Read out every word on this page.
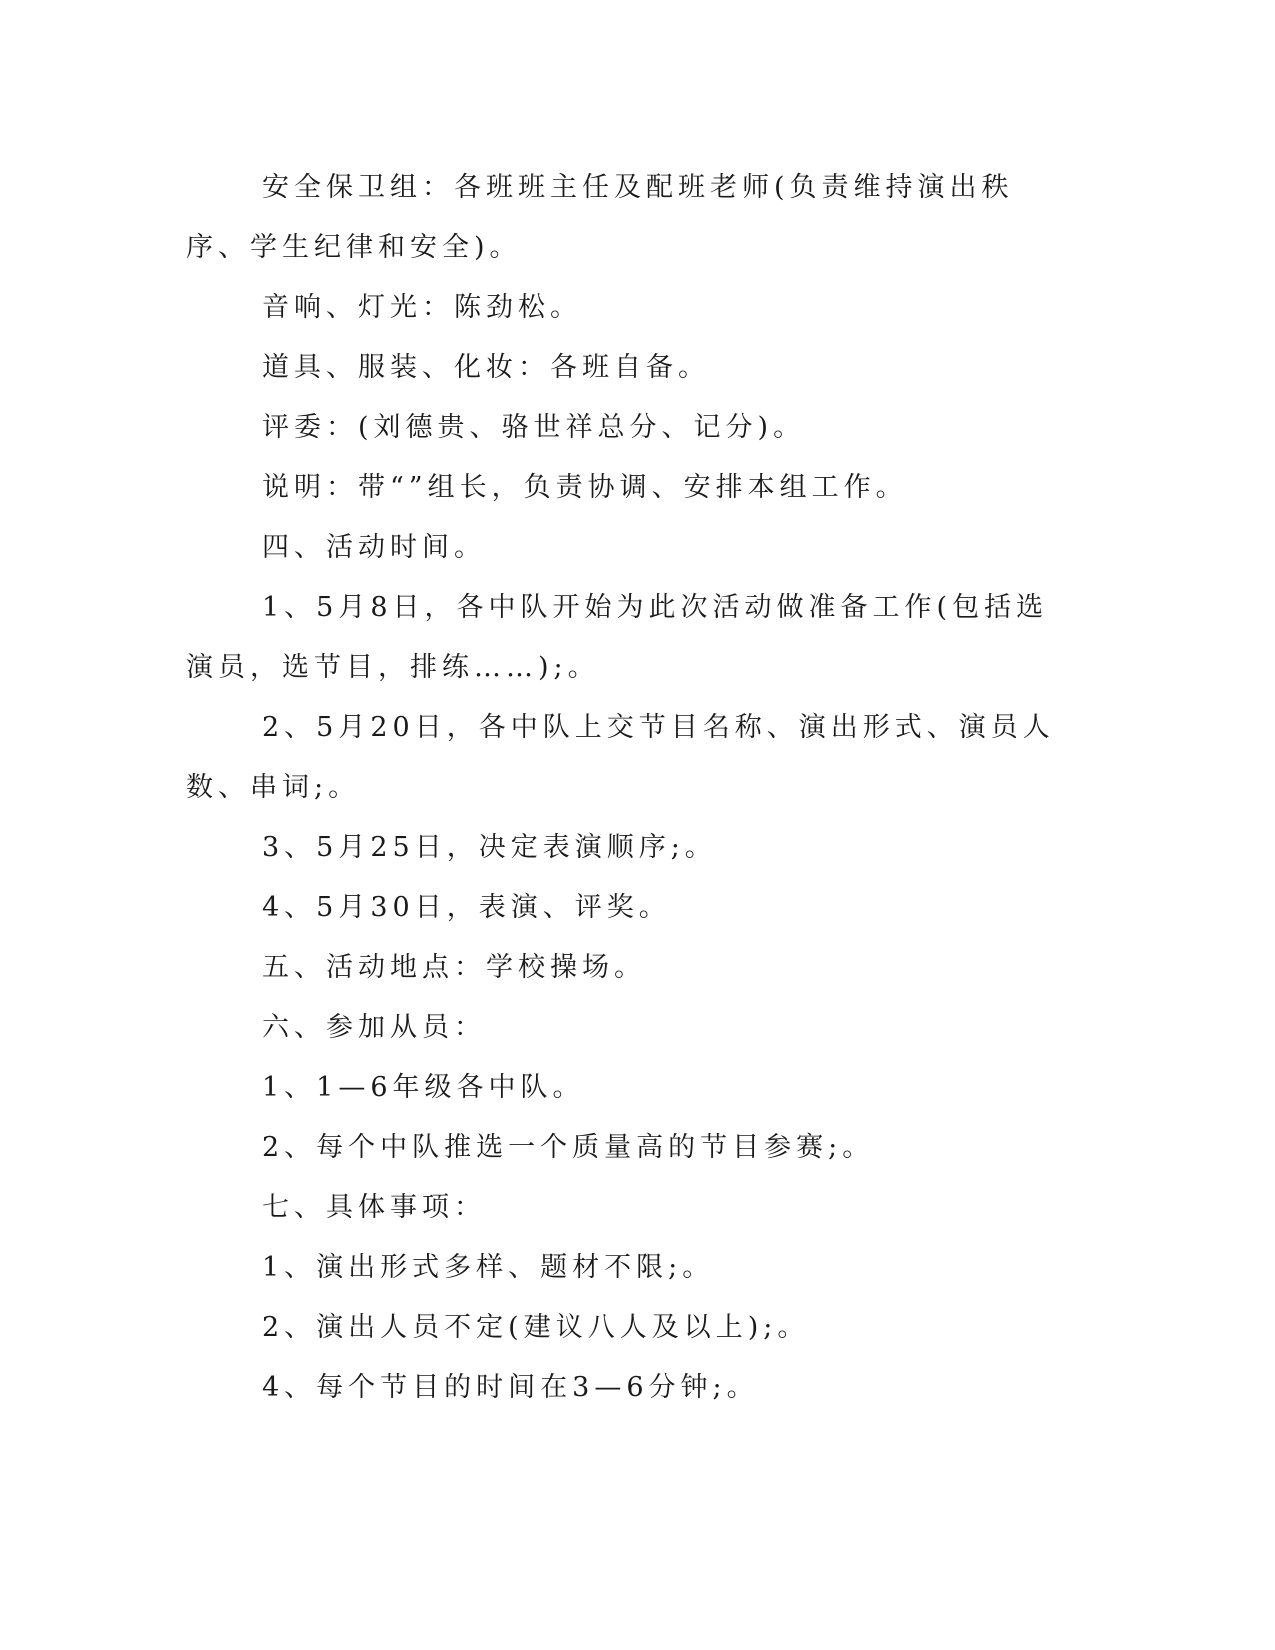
安全保卫组：各班班主任及配班老师(负责维持演出秩序、学生纪律和安全)。

音响、灯光：陈劲松。

道具、服装、化妆：各班自备。

评委：(刘德贵、骆世祥总分、记分)。

说明：带“”组长，负责协调、安排本组工作。

四、活动时间。

1、5月8日，各中队开始为此次活动做准备工作(包括选演员，选节目，排练……);。

2、5月20日，各中队上交节目名称、演出形式、演员人数、串词;。

3、5月25日，决定表演顺序;。

4、5月30日，表演、评奖。

五、活动地点：学校操场。

六、参加从员：

1、1—6年级各中队。

2、每个中队推选一个质量高的节目参赛;。

七、具体事项：

1、演出形式多样、题材不限;。

2、演出人员不定(建议八人及以上);。

4、每个节目的时间在3—6分钟;。
